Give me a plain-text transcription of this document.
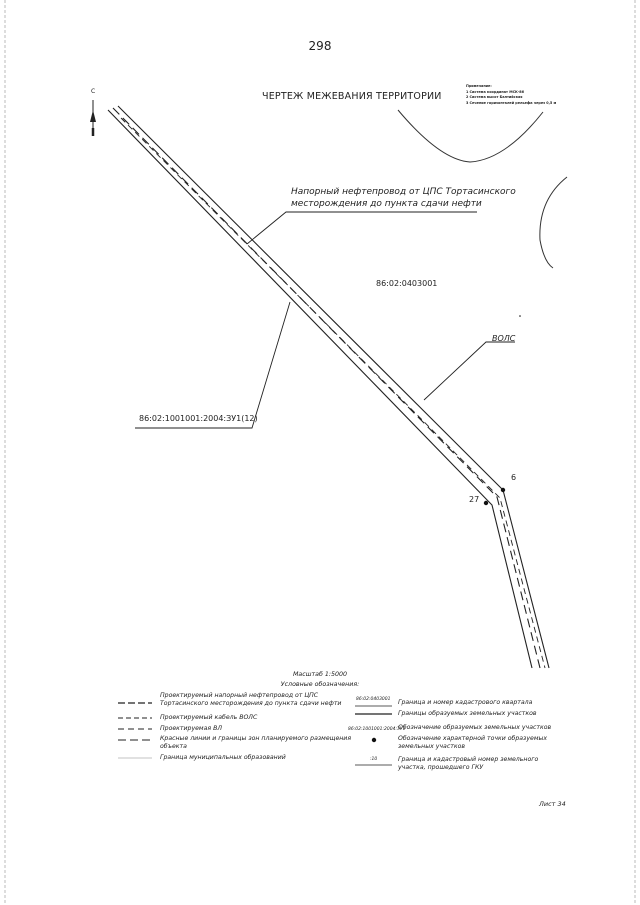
298
ЧЕРТЕЖ МЕЖЕВАНИЯ ТЕРРИТОРИИ
Примечание:
1 Система координат МСК-86
2 Система высот Балтийская
3 Сечение горизонталей рельефа через 0,5 м
С
Напорный нефтепровод от ЦПС Тортасинского
месторождения до пункта сдачи нефти
86:02:0403001
ВОЛС
86:02:1001001:2004:ЗУ1(12)
6
27
Масштаб 1:5000
Условные обозначения:
Проектируемый напорный нефтепровод от ЦПС
Тортасинского месторождения до пункта сдачи нефти
Проектируемый кабель ВОЛС
Проектируемая ВЛ
Красные линии и границы зон планируемого размещения
объекта
Граница муниципальных образований
86:02:0403001 Граница и номер кадастрового квартала
Границы образуемых земельных участков
86:02:1001001:2004:ЗУ1
Обозначение образуемых земельных участков
Обозначение характерной точки образуемых
земельных участков
:10	Граница и кадастровый номер земельного
участка, прошедшего ГКУ
Лист 34
